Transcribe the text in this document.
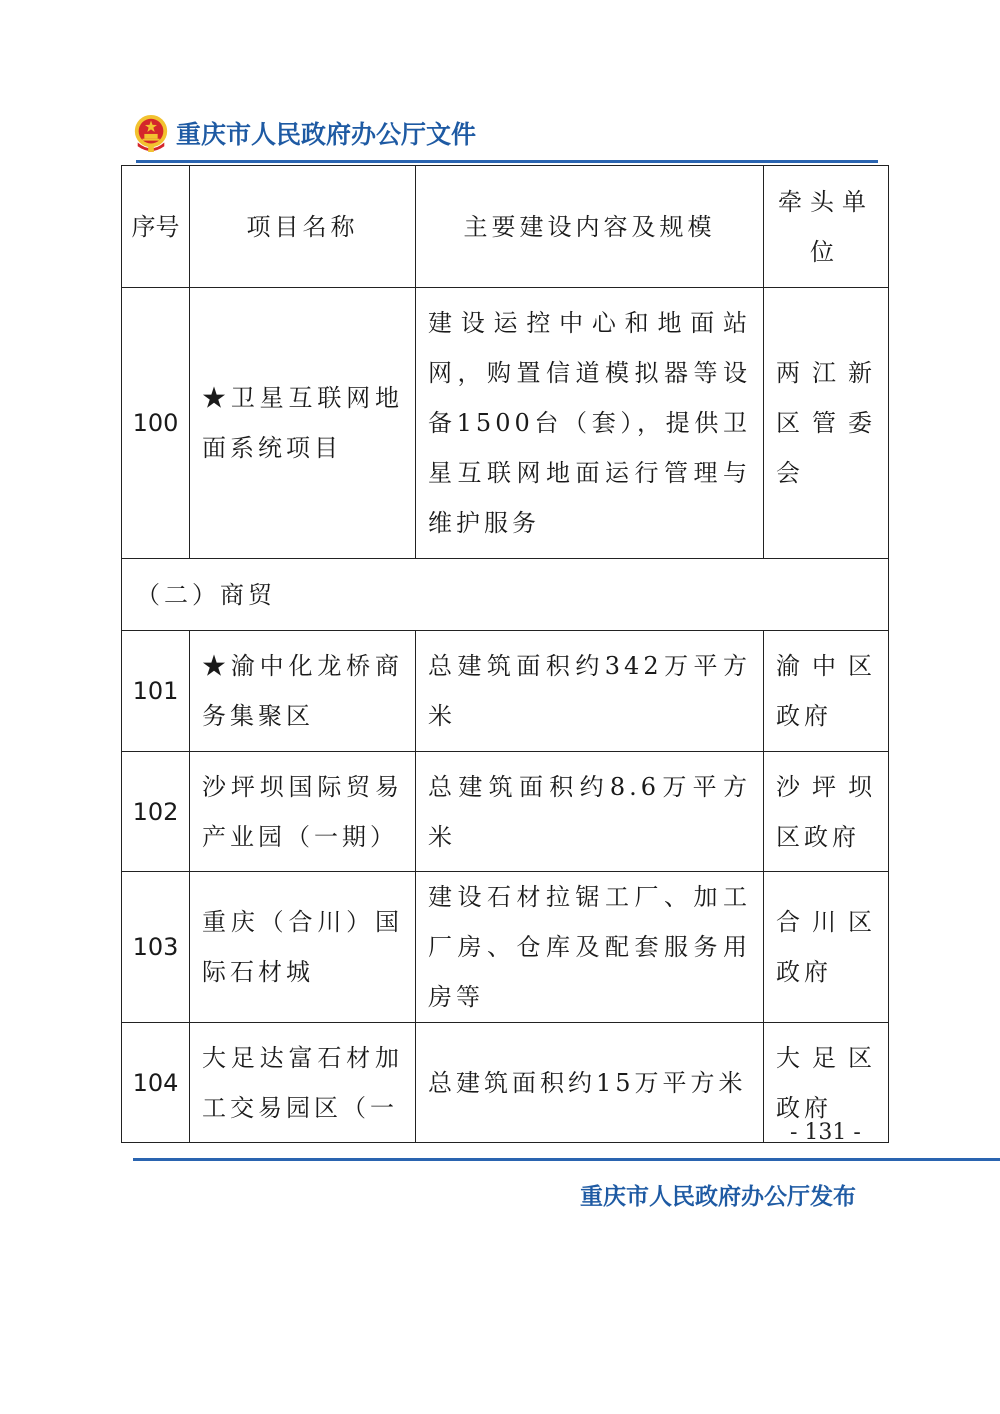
重庆市人民政府办公厅文件
序号	项目名称	主要建设内容及规模	牵头单位
100	★卫星互联网地面系统项目	建设运控中心和地面站网，购置信道模拟器等设备1500台（套），提供卫星互联网地面运行管理与维护服务	两江新区管委会
（二）商贸			
101	★渝中化龙桥商务集聚区	总建筑面积约342万平方米	渝中区政府
102	沙坪坝国际贸易产业园（一期）	总建筑面积约8.6万平方米	沙坪坝区政府
103	重庆（合川）国际石材城	建设石材拉锯工厂、加工厂房、仓库及配套服务用房等	合川区政府
104	大足达富石材加工交易园区（一	总建筑面积约15万平方米	大足区政府
- 131 -
重庆市人民政府办公厅发布
